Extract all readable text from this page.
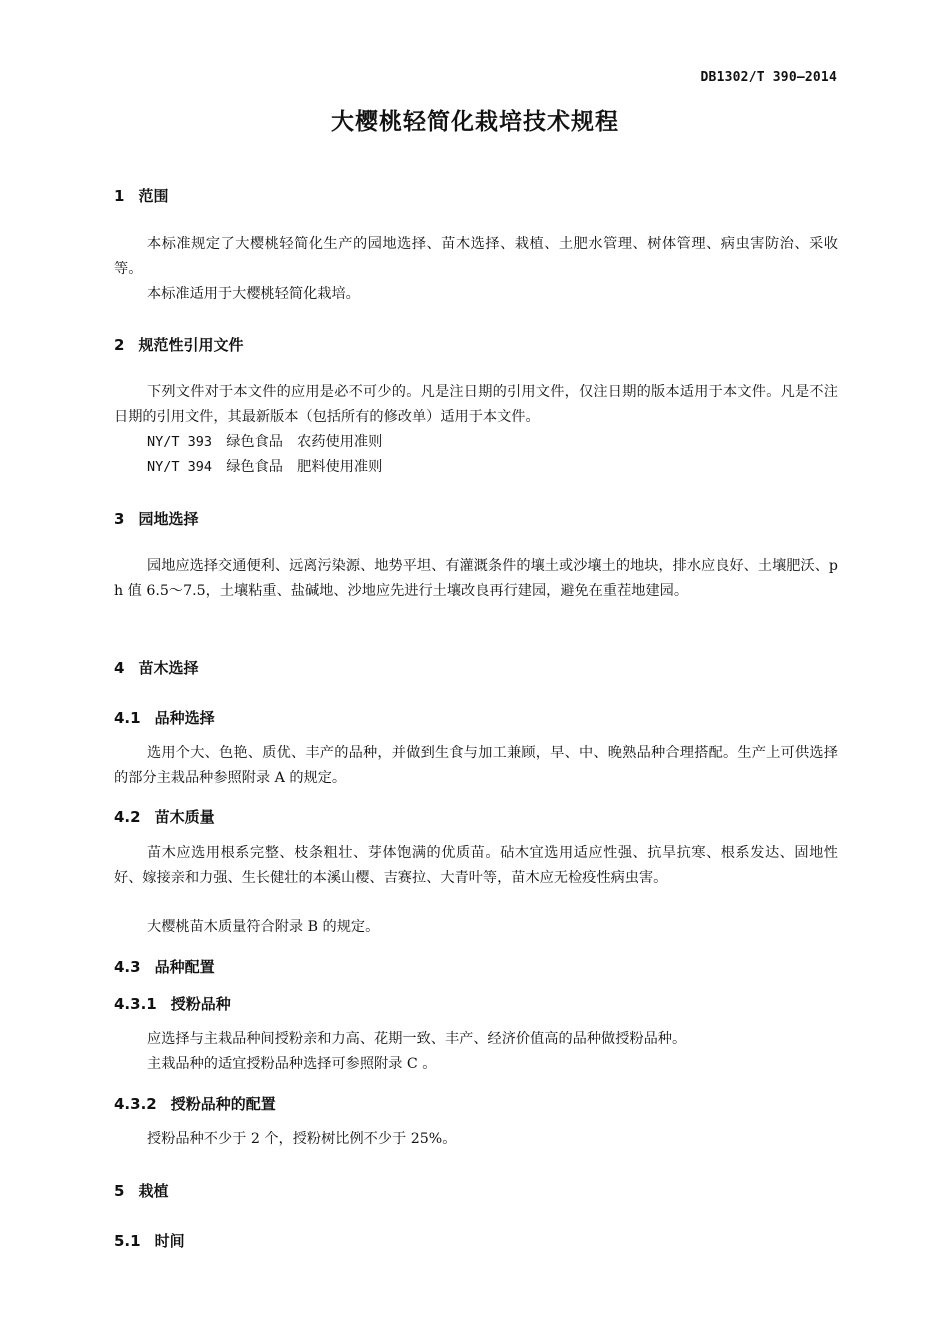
DB1302/T 390—2014
大樱桃轻简化栽培技术规程
1 范围
本标准规定了大樱桃轻简化生产的园地选择、苗木选择、栽植、土肥水管理、树体管理、病虫害防治、采收等。
本标准适用于大樱桃轻简化栽培。
2 规范性引用文件
下列文件对于本文件的应用是必不可少的。凡是注日期的引用文件，仅注日期的版本适用于本文件。凡是不注日期的引用文件，其最新版本（包括所有的修改单）适用于本文件。
NY/T 393　 绿色食品　农药使用准则
NY/T 394　 绿色食品　肥料使用准则
3 园地选择
园地应选择交通便利、远离污染源、地势平坦、有灌溉条件的壤土或沙壤土的地块，排水应良好、土壤肥沃、ph 值 6.5～7.5，土壤粘重、盐碱地、沙地应先进行土壤改良再行建园，避免在重茬地建园。
4 苗木选择
4.1 品种选择
选用个大、色艳、质优、丰产的品种，并做到生食与加工兼顾，早、中、晚熟品种合理搭配。生产上可供选择的部分主栽品种参照附录 A 的规定。
4.2 苗木质量
苗木应选用根系完整、枝条粗壮、芽体饱满的优质苗。砧木宜选用适应性强、抗旱抗寒、根系发达、固地性好、嫁接亲和力强、生长健壮的本溪山樱、吉赛拉、大青叶等，苗木应无检疫性病虫害。
大樱桃苗木质量符合附录 B 的规定。
4.3 品种配置
4.3.1 授粉品种
应选择与主栽品种间授粉亲和力高、花期一致、丰产、经济价值高的品种做授粉品种。
主栽品种的适宜授粉品种选择可参照附录 C 。
4.3.2 授粉品种的配置
授粉品种不少于 2 个，授粉树比例不少于 25%。
5 栽植
5.1 时间
